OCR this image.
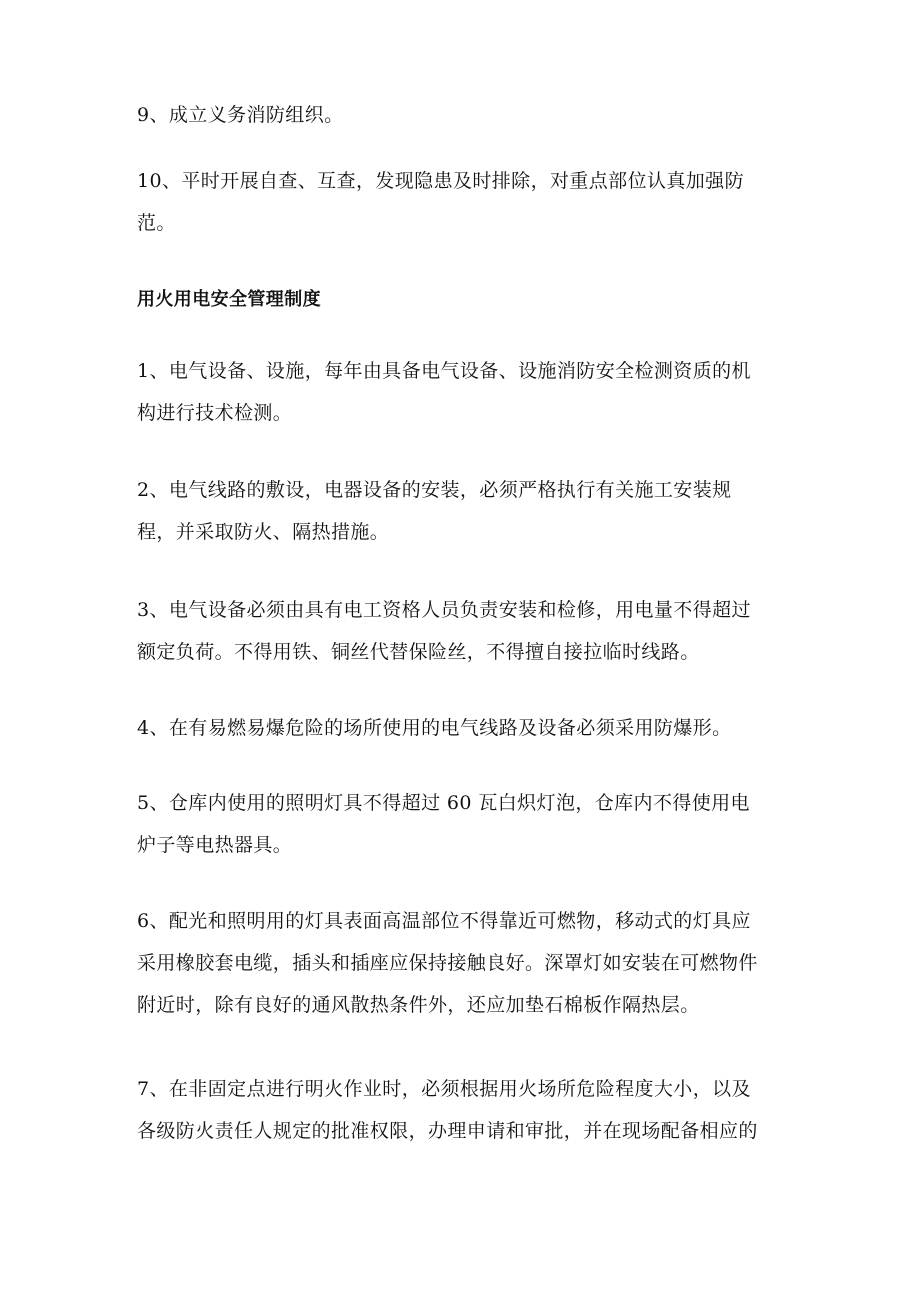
9、成立义务消防组织。

10、平时开展自查、互查，发现隐患及时排除，对重点部位认真加强防
范。

用火用电安全管理制度

1、电气设备、设施，每年由具备电气设备、设施消防安全检测资质的机
构进行技术检测。

2、电气线路的敷设，电器设备的安装，必须严格执行有关施工安装规
程，并采取防火、隔热措施。

3、电气设备必须由具有电工资格人员负责安装和检修，用电量不得超过
额定负荷。不得用铁、铜丝代替保险丝，不得擅自接拉临时线路。

4、在有易燃易爆危险的场所使用的电气线路及设备必须采用防爆形。

5、仓库内使用的照明灯具不得超过 60 瓦白炽灯泡，仓库内不得使用电
炉子等电热器具。

6、配光和照明用的灯具表面高温部位不得靠近可燃物，移动式的灯具应
采用橡胶套电缆，插头和插座应保持接触良好。深罩灯如安装在可燃物件
附近时，除有良好的通风散热条件外，还应加垫石棉板作隔热层。

7、在非固定点进行明火作业时，必须根据用火场所危险程度大小，以及
各级防火责任人规定的批准权限，办理申请和审批，并在现场配备相应的
